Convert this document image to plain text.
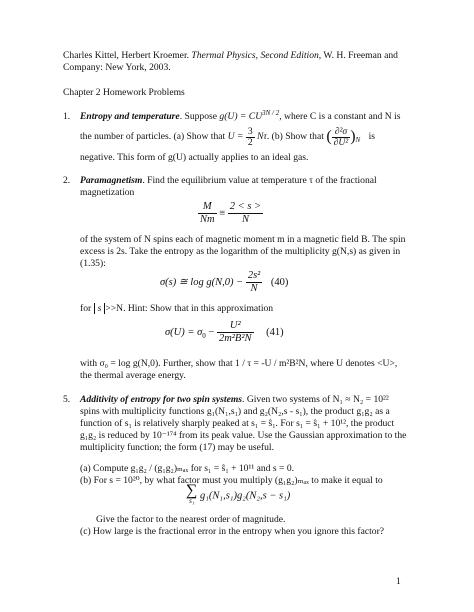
Charles Kittel, Herbert Kroemer. Thermal Physics, Second Edition, W. H. Freeman and
Company: New York, 2003.
Chapter 2 Homework Problems
1. Entropy and temperature. Suppose $g(U) = CU^{3N / 2}$, where C is a constant and N is
the number of particles. (a) Show that $U = \frac{3}{2} N\tau$. (b) Show that ( $\frac{\text{∂²σ}}{\text{∂U²}} )_N$ is
negative. This form of g(U) actually applies to an ideal gas.
2. Paramagnetism. Find the equilibrium value at temperature τ of the fractional
magnetization
$\frac{M}{Nm} \equiv \frac{2 < s >}{N}$
of the system of N spins each of magnetic moment m in a magnetic field B. The spin
excess is 2s. Take the entropy as the logarithm of the multiplicity g(N,s) as given in
(1.35):
σ(s) ≅ $\log g(N,0) - \frac{\text{2s²}}{N} (40)$
for s >>N. Hint: Show that in this approximation
$\sigma(U) = \sigma_0 - \frac{\text{U²}}{\text{2m²B²N}} (41)$
with σ₀ = log g(N,0). Further, show that 1 / τ = -U / m²B²N, where U denotes <U>,
the thermal average energy.
5. Additivity of entropy for two spin systems. Given two systems of N₁ ≈ N₂ = 10²²
spins with multiplicity functions g₁(N₁,s₁) and g₂(N₂,s - s₁), the product g₁g₂ as a
function of s₁ is relatively sharply peaked at s₁ = ŝ₁. For s₁ = ŝ₁ + 10¹², the product
g₁g₂ is reduced by 10⁻¹⁷⁴ from its peak value. Use the Gaussian approximation to the
multiplicity function; the form (17) may be useful.
(a) Compute g₁g₂ / (g₁g₂)ₘₐₓ for s₁ = ŝ₁ + 10¹¹ and s = 0.
(b) For s = 10²⁰, by what factor must you multiply (g₁g₂)ₘₐₓ to make it equal to
∑
s₁ g₁(N₁,s₁)g₂(N₂,s − s₁)
Give the factor to the nearest order of magnitude.
(c) How large is the fractional error in the entropy when you ignore this factor?
1
